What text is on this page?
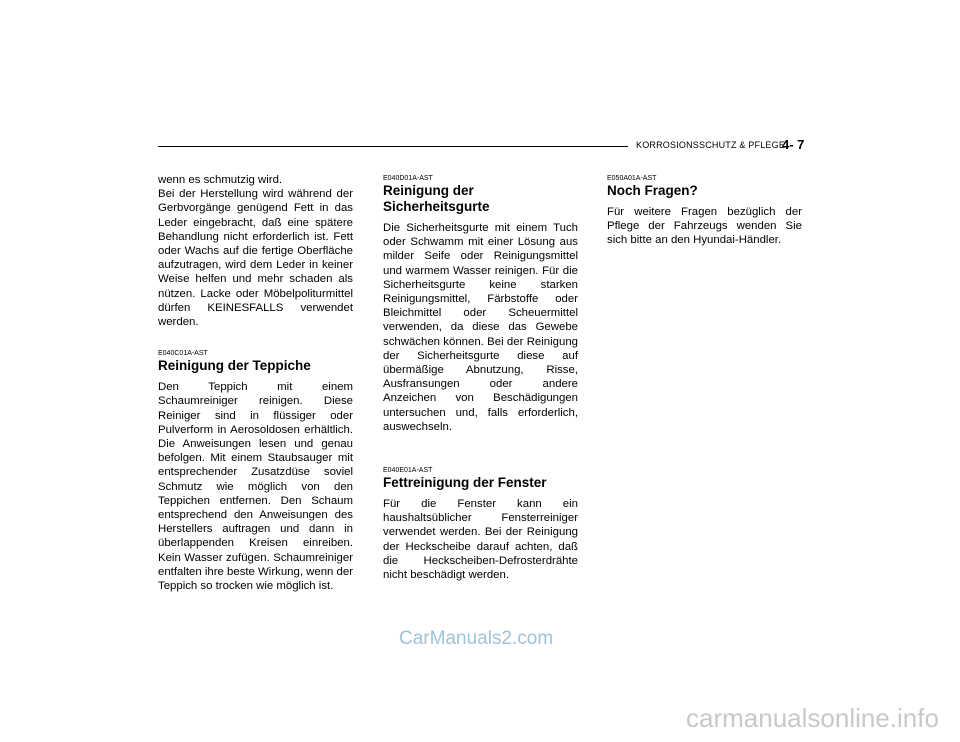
KORROSIONSSCHUTZ & PFLEGE
4- 7

wenn es schmutzig wird.
Bei der Herstellung wird während der Gerbvorgänge genügend Fett in das Leder eingebracht, daß eine spätere Behandlung nicht erforderlich ist. Fett oder Wachs auf die fertige Oberfläche aufzutragen, wird dem Leder in keiner Weise helfen und mehr schaden als nützen. Lacke oder Möbelpoliturmittel dürfen KEINESFALLS verwendet werden.

E040C01A-AST
Reinigung der Teppiche

Den Teppich mit einem Schaumreiniger reinigen. Diese Reiniger sind in flüssiger oder Pulverform in Aerosoldosen erhältlich. Die Anweisungen lesen und genau befolgen. Mit einem Staubsauger mit entsprechender Zusatzdüse soviel Schmutz wie möglich von den Teppichen entfernen. Den Schaum entsprechend den Anweisungen des Herstellers auftragen und dann in überlappenden Kreisen einreiben. Kein Wasser zufügen. Schaumreiniger entfalten ihre beste Wirkung, wenn der Teppich so trocken wie möglich ist.

E040D01A-AST
Reinigung der Sicherheitsgurte

Die Sicherheitsgurte mit einem Tuch oder Schwamm mit einer Lösung aus milder Seife oder Reinigungsmittel und warmem Wasser reinigen. Für die Sicherheitsgurte keine starken Reinigungsmittel, Färbstoffe oder Bleichmittel oder Scheuermittel verwenden, da diese das Gewebe schwächen können. Bei der Reinigung der Sicherheitsgurte diese auf übermäßige Abnutzung, Risse, Ausfransungen oder andere Anzeichen von Beschädigungen untersuchen und, falls erforderlich, auswechseln.

E040E01A-AST
Fettreinigung der Fenster

Für die Fenster kann ein haushaltsüblicher Fensterreiniger verwendet werden. Bei der Reinigung der Heckscheibe darauf achten, daß die Heckscheiben-Defrosterdrähte nicht beschädigt werden.

E050A01A-AST
Noch Fragen?

Für weitere Fragen bezüglich der Pflege der Fahrzeugs wenden Sie sich bitte an den Hyundai-Händler.

CarManuals2.com
carmanualsonline.info
